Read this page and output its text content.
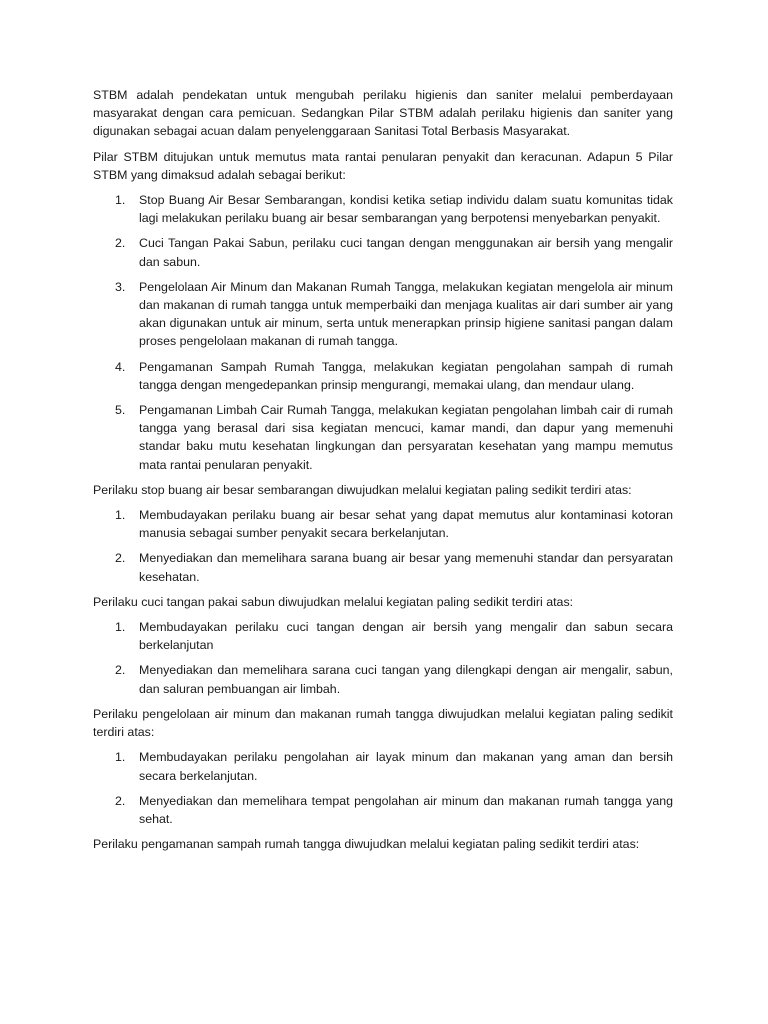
STBM adalah pendekatan untuk mengubah perilaku higienis dan saniter melalui pemberdayaan masyarakat dengan cara pemicuan. Sedangkan Pilar STBM adalah perilaku higienis dan saniter yang digunakan sebagai acuan dalam penyelenggaraan Sanitasi Total Berbasis Masyarakat.

Pilar STBM ditujukan untuk memutus mata rantai penularan penyakit dan keracunan. Adapun 5 Pilar STBM yang dimaksud adalah sebagai berikut:

1. Stop Buang Air Besar Sembarangan, kondisi ketika setiap individu dalam suatu komunitas tidak lagi melakukan perilaku buang air besar sembarangan yang berpotensi menyebarkan penyakit.
2. Cuci Tangan Pakai Sabun, perilaku cuci tangan dengan menggunakan air bersih yang mengalir dan sabun.
3. Pengelolaan Air Minum dan Makanan Rumah Tangga, melakukan kegiatan mengelola air minum dan makanan di rumah tangga untuk memperbaiki dan menjaga kualitas air dari sumber air yang akan digunakan untuk air minum, serta untuk menerapkan prinsip higiene sanitasi pangan dalam proses pengelolaan makanan di rumah tangga.
4. Pengamanan Sampah Rumah Tangga, melakukan kegiatan pengolahan sampah di rumah tangga dengan mengedepankan prinsip mengurangi, memakai ulang, dan mendaur ulang.
5. Pengamanan Limbah Cair Rumah Tangga, melakukan kegiatan pengolahan limbah cair di rumah tangga yang berasal dari sisa kegiatan mencuci, kamar mandi, dan dapur yang memenuhi standar baku mutu kesehatan lingkungan dan persyaratan kesehatan yang mampu memutus mata rantai penularan penyakit.

Perilaku stop buang air besar sembarangan diwujudkan melalui kegiatan paling sedikit terdiri atas:

1. Membudayakan perilaku buang air besar sehat yang dapat memutus alur kontaminasi kotoran manusia sebagai sumber penyakit secara berkelanjutan.
2. Menyediakan dan memelihara sarana buang air besar yang memenuhi standar dan persyaratan kesehatan.

Perilaku cuci tangan pakai sabun diwujudkan melalui kegiatan paling sedikit terdiri atas:

1. Membudayakan perilaku cuci tangan dengan air bersih yang mengalir dan sabun secara berkelanjutan
2. Menyediakan dan memelihara sarana cuci tangan yang dilengkapi dengan air mengalir, sabun, dan saluran pembuangan air limbah.

Perilaku pengelolaan air minum dan makanan rumah tangga diwujudkan melalui kegiatan paling sedikit terdiri atas:

1. Membudayakan perilaku pengolahan air layak minum dan makanan yang aman dan bersih secara berkelanjutan.
2. Menyediakan dan memelihara tempat pengolahan air minum dan makanan rumah tangga yang sehat.

Perilaku pengamanan sampah rumah tangga diwujudkan melalui kegiatan paling sedikit terdiri atas:
